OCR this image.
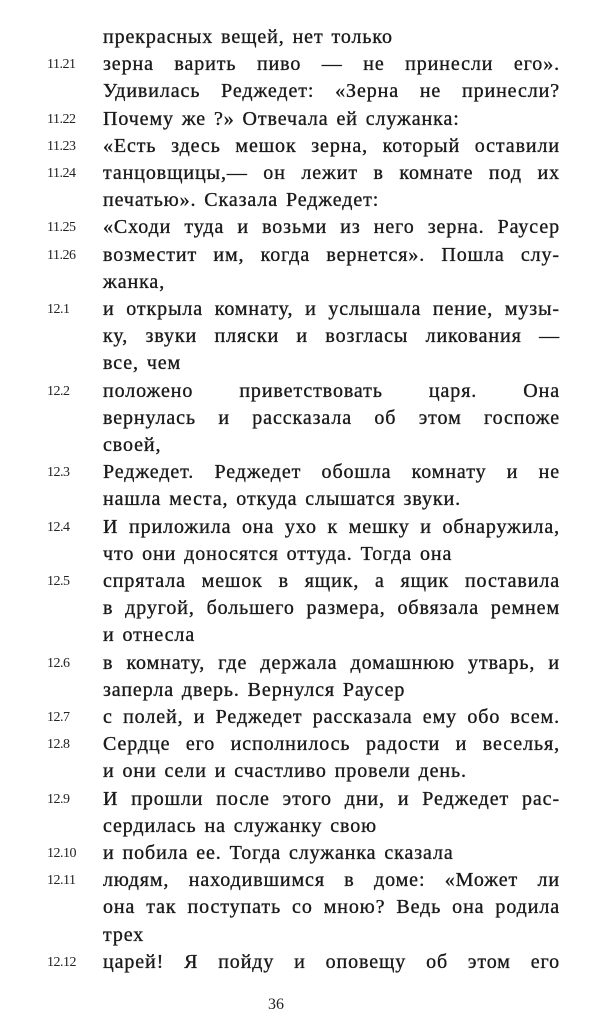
прекрасных вещей, нет только
11.21 зерна варить пиво — не принесли его».
Удивилась Реджедет: «Зерна не принесли?
11.22 Почему же ?» Отвечала ей служанка:
11.23 «Есть здесь мешок зерна, который оставили
11.24 танцовщицы,— он лежит в комнате под их
печатью». Сказала Реджедет:
11.25 «Сходи туда и возьми из него зерна. Раусер
11.26 возместит им, когда вернется». Пошла слу-
жанка,
12.1 и открыла комнату, и услышала пение, музы-
ку, звуки пляски и возгласы ликования —
все, чем
12.2 положено приветствовать царя. Она
вернулась и рассказала об этом госпоже
своей,
12.3 Реджедет. Реджедет обошла комнату и не
нашла места, откуда слышатся звуки.
12.4 И приложила она ухо к мешку и обнаружила,
что они доносятся оттуда. Тогда она
12.5 спрятала мешок в ящик, а ящик поставила
в другой, большего размера, обвязала ремнем
и отнесла
12.6 в комнату, где держала домашнюю утварь, и
заперла дверь. Вернулся Раусер
12.7 с полей, и Реджедет рассказала ему обо всем.
12.8 Сердце его исполнилось радости и веселья,
и они сели и счастливо провели день.
12.9 И прошли после этого дни, и Реджедет рас-
сердилась на служанку свою
12.10 и побила ее. Тогда служанка сказала
12.11 людям, находившимся в доме: «Может ли
она так поступать со мною? Ведь она родила
трех
12.12 царей! Я пойду и оповещу об этом его
36
